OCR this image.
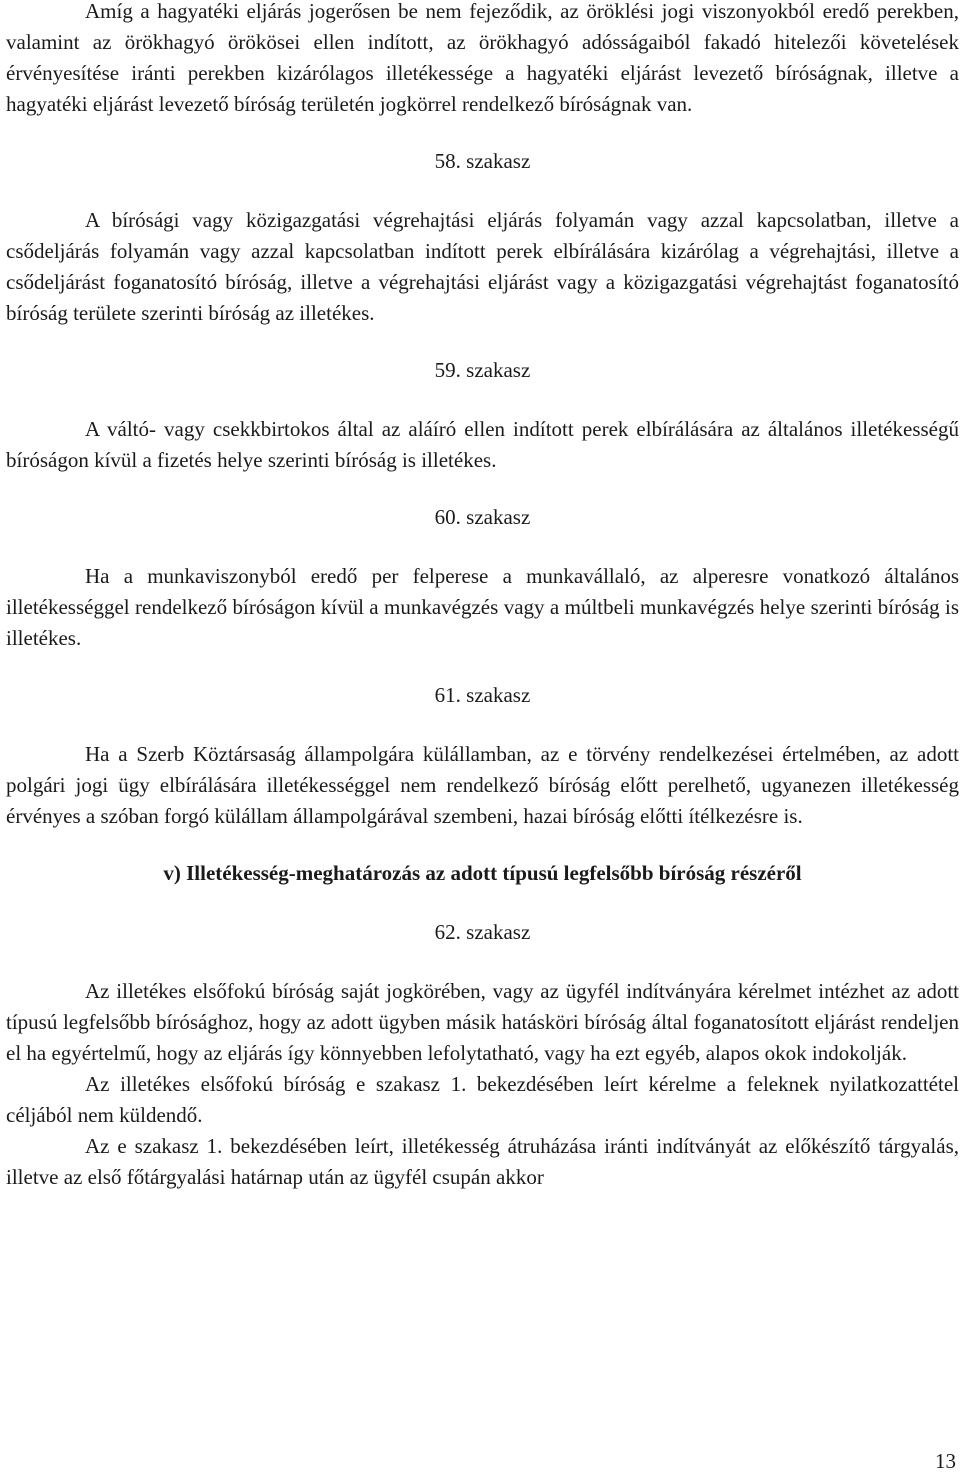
Amíg a hagyatéki eljárás jogerősen be nem fejeződik, az öröklési jogi viszonyokból eredő perekben, valamint az örökhagyó örökösei ellen indított, az örökhagyó adósságaiból fakadó hitelezői követelések érvényesítése iránti perekben kizárólagos illetékessége a hagyatéki eljárást levezető bíróságnak, illetve a hagyatéki eljárást levezető bíróság területén jogkörrel rendelkező bíróságnak van.

58. szakasz

A bírósági vagy közigazgatási végrehajtási eljárás folyamán vagy azzal kapcsolatban, illetve a csődeljárás folyamán vagy azzal kapcsolatban indított perek elbírálására kizárólag a végrehajtási, illetve a csődeljárást foganatosító bíróság, illetve a végrehajtási eljárást vagy a közigazgatási végrehajtást foganatosító bíróság területe szerinti bíróság az illetékes.

59. szakasz

A váltó- vagy csekkbirtokos által az aláíró ellen indított perek elbírálására az általános illetékességű bíróságon kívül a fizetés helye szerinti bíróság is illetékes.

60. szakasz

Ha a munkaviszonyból eredő per felperese a munkavállaló, az alperesre vonatkozó általános illetékességgel rendelkező bíróságon kívül a munkavégzés vagy a múltbeli munkavégzés helye szerinti bíróság is illetékes.

61. szakasz

Ha a Szerb Köztársaság állampolgára külállamban, az e törvény rendelkezései értelmében, az adott polgári jogi ügy elbírálására illetékességgel nem rendelkező bíróság előtt perelhető, ugyanezen illetékesség érvényes a szóban forgó külállam állampolgárával szembeni, hazai bíróság előtti ítélkezésre is.

v) Illetékesség-meghatározás az adott típusú legfelsőbb bíróság részéről

62. szakasz

Az illetékes elsőfokú bíróság saját jogkörében, vagy az ügyfél indítványára kérelmet intézhet az adott típusú legfelsőbb bírósághoz, hogy az adott ügyben másik hatásköri bíróság által foganatosított eljárást rendeljen el ha egyértelmű, hogy az eljárás így könnyebben lefolytatható, vagy ha ezt egyéb, alapos okok indokolják.

Az illetékes elsőfokú bíróság e szakasz 1. bekezdésében leírt kérelme a feleknek nyilatkozattétel céljából nem küldendő.

Az e szakasz 1. bekezdésében leírt, illetékesség átruházása iránti indítványát az előkészítő tárgyalás, illetve az első főtárgyalási határnap után az ügyfél csupán akkor

13
